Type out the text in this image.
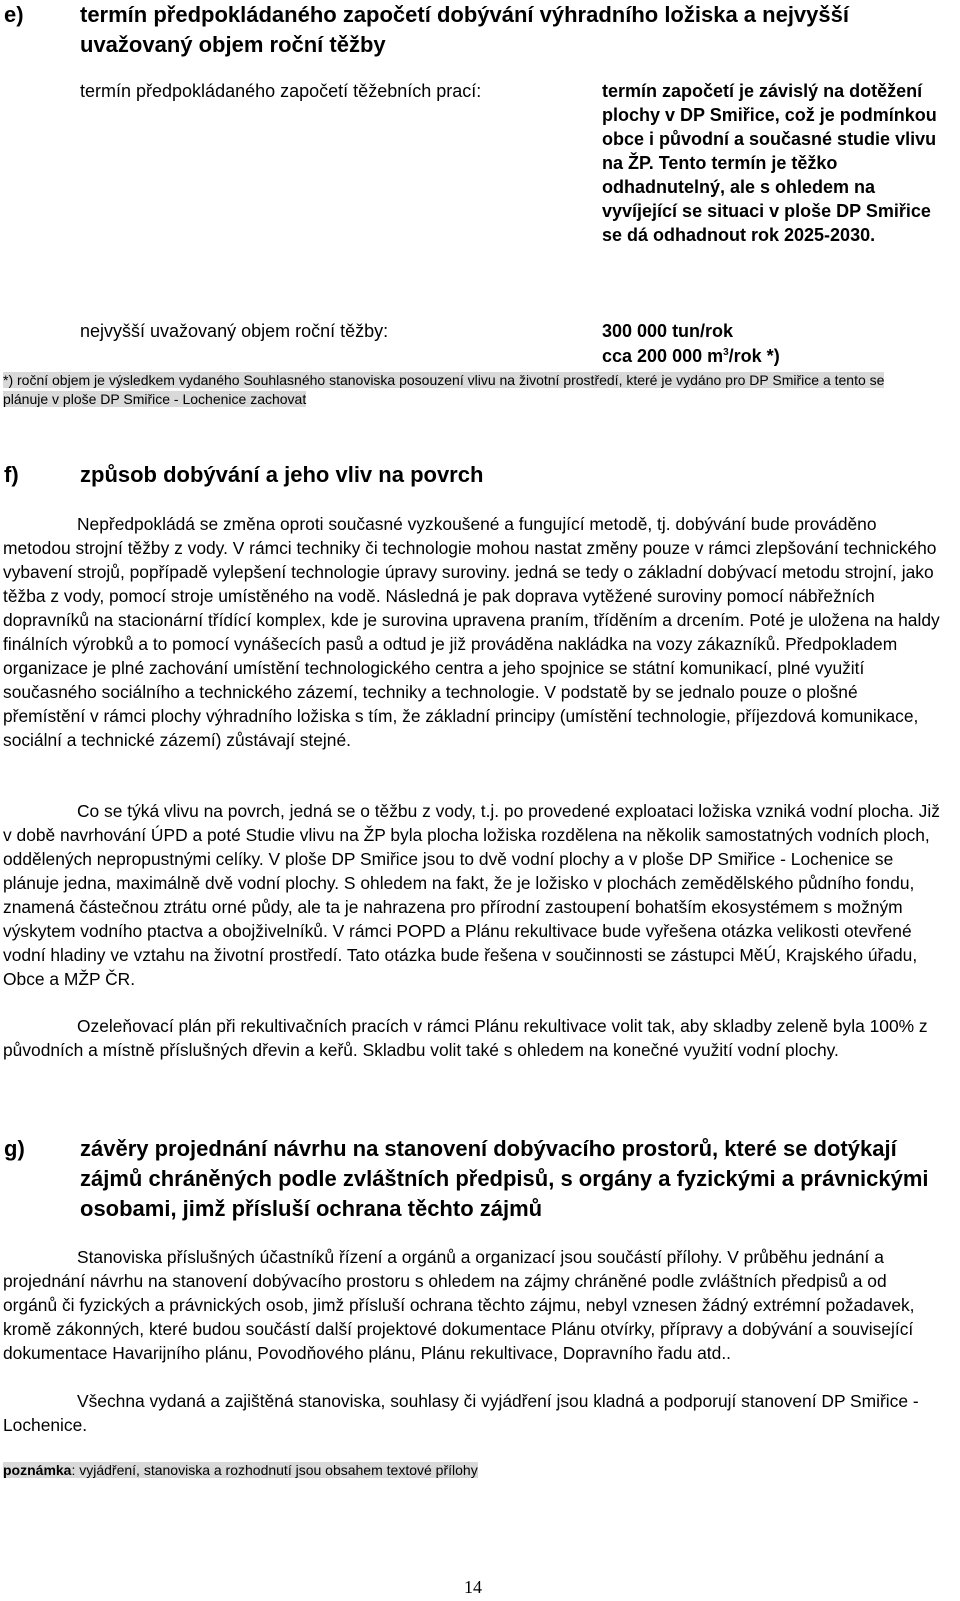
e)	termín předpokládaného započetí dobývání výhradního ložiska a nejvyšší uvažovaný objem roční těžby
termín předpokládaného započetí těžebních prací:	termín započetí je závislý na dotěžení plochy v DP Smiřice, což je podmínkou obce i původní a současné studie vlivu na ŽP. Tento termín je těžko odhadnutelný, ale s ohledem na vyvíjející se situaci v ploše DP Smiřice se dá odhadnout rok 2025-2030.
nejvyšší uvažovaný objem roční těžby:	300 000 tun/rok
cca 200 000 $m^3$/rok *)
*) roční objem je výsledkem vydaného Souhlasného stanoviska posouzení vlivu na životní prostředí, které je vydáno pro DP Smiřice a tento se plánuje v ploše DP Smiřice - Lochenice zachovat
f)	způsob dobývání a jeho vliv na povrch

Nepředpokládá se změna oproti současné vyzkoušené a fungující metodě, tj. dobývání bude prováděno metodou strojní těžby z vody. V rámci techniky či technologie mohou nastat změny pouze v rámci zlepšování technického vybavení strojů, popřípadě vylepšení technologie úpravy suroviny. jedná se tedy o základní dobývací metodu strojní, jako těžba z vody, pomocí stroje umístěného na vodě. Následná je pak doprava vytěžené suroviny pomocí nábřežních dopravníků na stacionární třídící komplex, kde je surovina upravena praním, tříděním a drcením. Poté je uložena na haldy finálních výrobků a to pomocí vynášecích pasů a odtud je již prováděna nakládka na vozy zákazníků. Předpokladem organizace je plné zachování umístění technologického centra a jeho spojnice se státní komunikací, plné využití současného sociálního a technického zázemí, techniky a technologie. V podstatě by se jednalo pouze o plošné přemístění v rámci plochy výhradního ložiska s tím, že základní principy (umístění technologie, příjezdová komunikace, sociální a technické zázemí) zůstávají stejné.

Co se týká vlivu na povrch, jedná se o těžbu z vody, t.j. po provedené exploataci ložiska vzniká vodní plocha. Již v době navrhování ÚPD a poté Studie vlivu na ŽP byla plocha ložiska rozdělena na několik samostatných vodních ploch, oddělených nepropustnými celíky. V ploše DP Smiřice jsou to dvě vodní plochy a v ploše DP Smiřice - Lochenice se plánuje jedna, maximálně dvě vodní plochy. S ohledem na fakt, že je ložisko v plochách zemědělského půdního fondu, znamená částečnou ztrátu orné půdy, ale ta je nahrazena pro přírodní zastoupení bohatším ekosystémem s možným výskytem vodního ptactva a obojživelníků. V rámci POPD a Plánu rekultivace bude vyřešena otázka velikosti otevřené vodní hladiny ve vztahu na životní prostředí. Tato otázka bude řešena v součinnosti se zástupci MěÚ, Krajského úřadu, Obce a MŽP ČR.

Ozeleňovací plán při rekultivačních pracích v rámci Plánu rekultivace volit tak, aby skladby zeleně byla 100% z původních a místně příslušných dřevin a keřů. Skladbu volit také s ohledem na konečné využití vodní plochy.

g)	závěry projednání návrhu na stanovení dobývacího prostorů, které se dotýkají zájmů chráněných podle zvláštních předpisů, s orgány a fyzickými a právnickými osobami, jimž přísluší ochrana těchto zájmů

Stanoviska příslušných účastníků řízení a orgánů a organizací jsou součástí přílohy. V průběhu jednání a projednání návrhu na stanovení dobývacího prostoru s ohledem na zájmy chráněné podle zvláštních předpisů a od orgánů či fyzických a právnických osob, jimž přísluší ochrana těchto zájmu, nebyl vznesen žádný extrémní požadavek, kromě zákonných, které budou součástí další projektové dokumentace Plánu otvírky, přípravy a dobývání a související dokumentace Havarijního plánu, Povodňového plánu, Plánu rekultivace, Dopravního řadu atd..

Všechna vydaná a zajištěná stanoviska, souhlasy či vyjádření jsou kladná a podporují stanovení DP Smiřice - Lochenice.

poznámka: vyjádření, stanoviska a rozhodnutí jsou obsahem textové přílohy
14
